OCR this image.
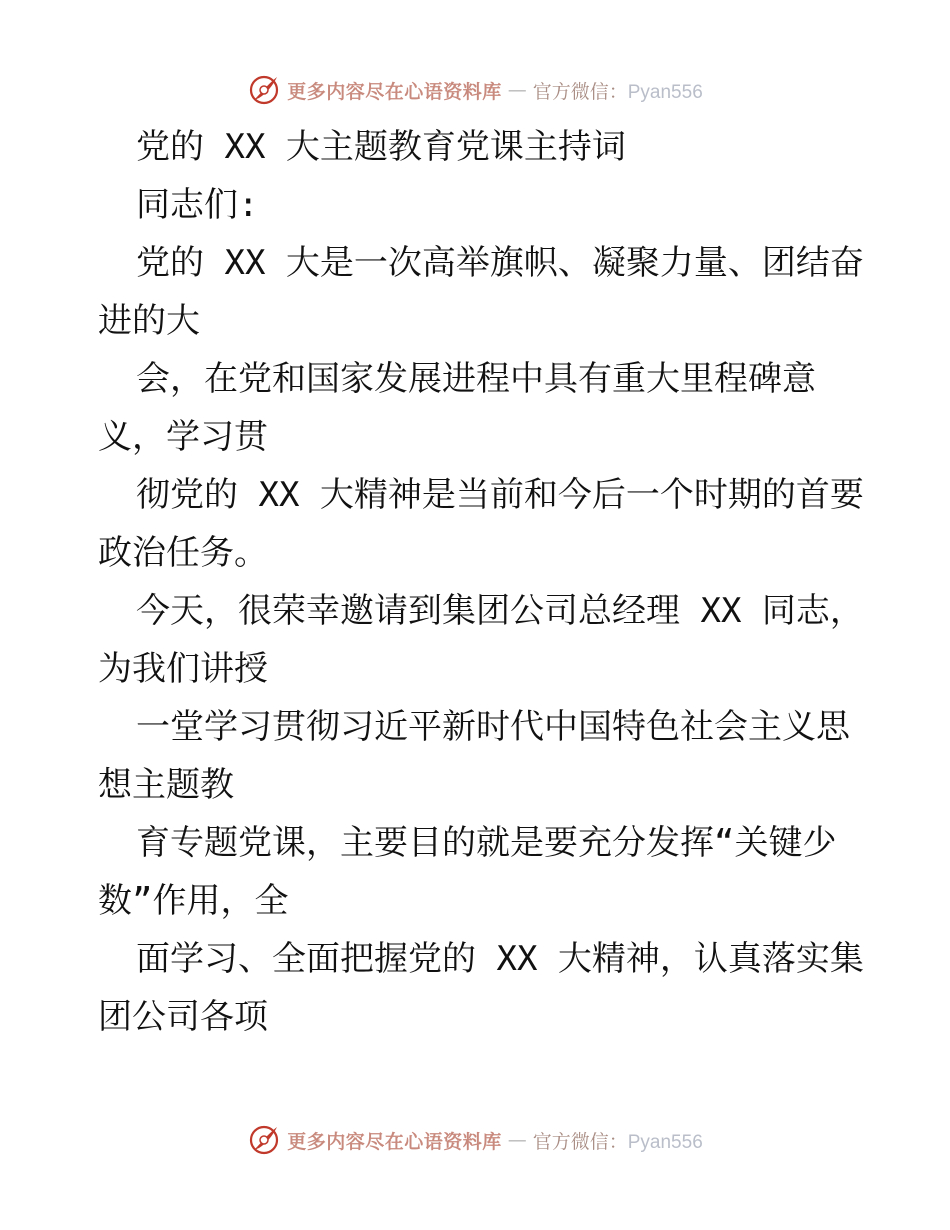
更多内容尽在心语资料库 — 官方微信：Pyan556
党的 XX 大主题教育党课主持词
同志们:
党的 XX 大是一次高举旗帜、凝聚力量、团结奋
进的大
会，在党和国家发展进程中具有重大里程碑意
义，学习贯
彻党的 XX 大精神是当前和今后一个时期的首要
政治任务。
今天，很荣幸邀请到集团公司总经理 XX 同志，
为我们讲授
一堂学习贯彻习近平新时代中国特色社会主义思
想主题教
育专题党课，主要目的就是要充分发挥“关键少
数”作用，全
面学习、全面把握党的 XX 大精神，认真落实集
团公司各项
更多内容尽在心语资料库 — 官方微信：Pyan556
